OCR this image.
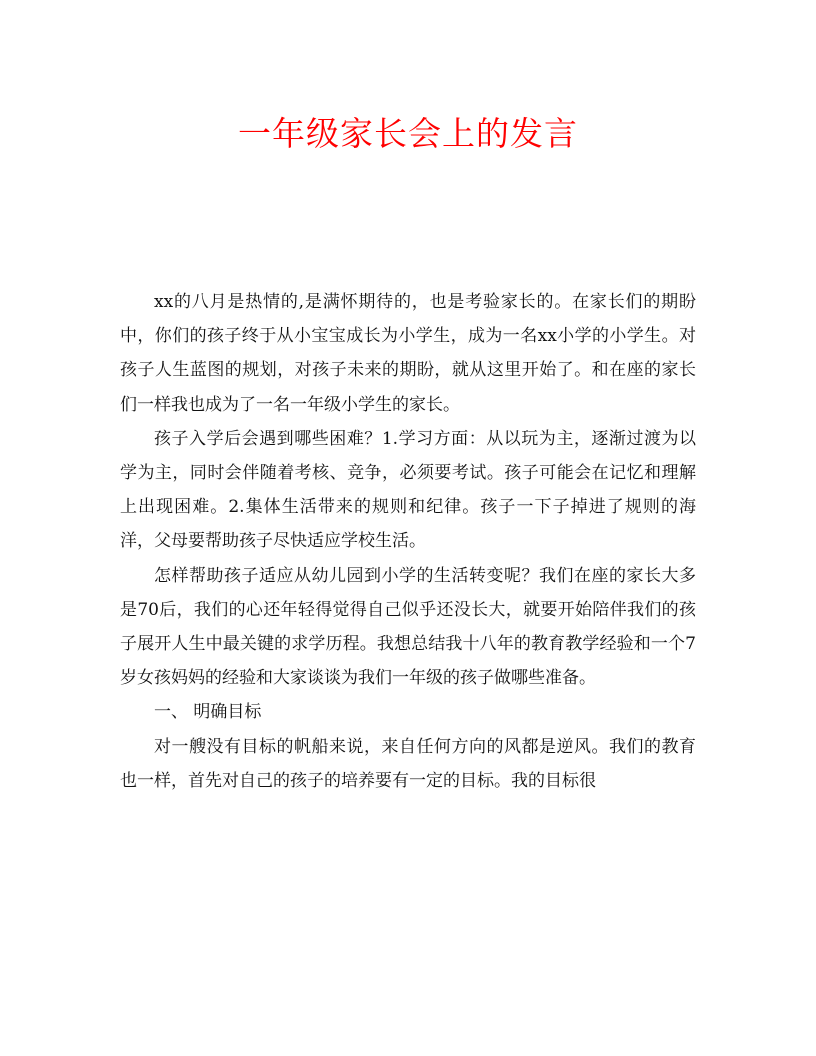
一年级家长会上的发言

xx的八月是热情的,是满怀期待的，也是考验家长的。在家长们的期盼中，你们的孩子终于从小宝宝成长为小学生，成为一名xx小学的小学生。对孩子人生蓝图的规划，对孩子未来的期盼，就从这里开始了。和在座的家长们一样我也成为了一名一年级小学生的家长。

孩子入学后会遇到哪些困难？1.学习方面：从以玩为主，逐渐过渡为以学为主，同时会伴随着考核、竞争，必须要考试。孩子可能会在记忆和理解上出现困难。2.集体生活带来的规则和纪律。孩子一下子掉进了规则的海洋，父母要帮助孩子尽快适应学校生活。

怎样帮助孩子适应从幼儿园到小学的生活转变呢？我们在座的家长大多是70后，我们的心还年轻得觉得自己似乎还没长大，就要开始陪伴我们的孩子展开人生中最关键的求学历程。我想总结我十八年的教育教学经验和一个7岁女孩妈妈的经验和大家谈谈为我们一年级的孩子做哪些准备。

一、 明确目标

对一艘没有目标的帆船来说，来自任何方向的风都是逆风。我们的教育也一样，首先对自己的孩子的培养要有一定的目标。我的目标很
